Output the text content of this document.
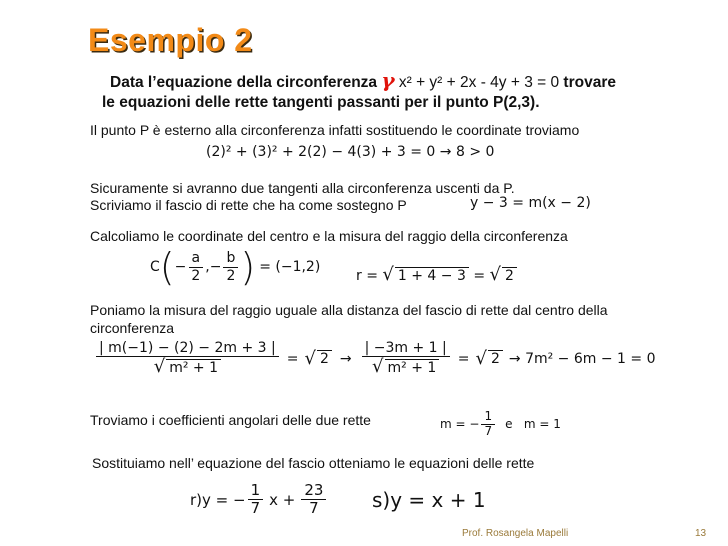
Esempio 2
Data l’equazione della circonferenza γ x² + y² + 2x - 4y + 3 = 0 trovare
le equazioni delle rette tangenti passanti per il punto P(2,3).
Il punto P è esterno alla circonferenza infatti sostituendo le coordinate troviamo
(2)² + (3)² + 2(2) − 4(3) + 3 = 0 → 8 > 0
Sicuramente si avranno due tangenti alla circonferenza uscenti da P.
Scriviamo il fascio di rette che ha come sostegno P	y − 3 = m(x − 2)
Calcoliamo le coordinate del centro e la misura del raggio della circonferenza
C ( − $\frac{a}{2}$ ,− $\frac{b}{2}$ ) = (−1,2)
r = √ 1 + 4 − 3 = √ 2
Poniamo la misura del raggio uguale alla distanza del fascio di rette dal centro della
circonferenza
$\frac{| m(-1) - (2) - 2m + 3 |}{\text{√ m² + 1}}$ = √ $2 \to \frac{| -3m + 1 |}{\text{√ m² + 1}}$ = √ 2 → 7m² − 6m − 1 = 0
Troviamo i coefficienti angolari delle due rette	m = − $\frac{1}{7}$ e   m = 1
Sostituiamo nell’ equazione del fascio otteniamo le equazioni delle rette
r)y = − $\frac{1}{7}$ $x + \frac{23}{7} s)y = x + 1$
Prof. Rosangela Mapelli	13
